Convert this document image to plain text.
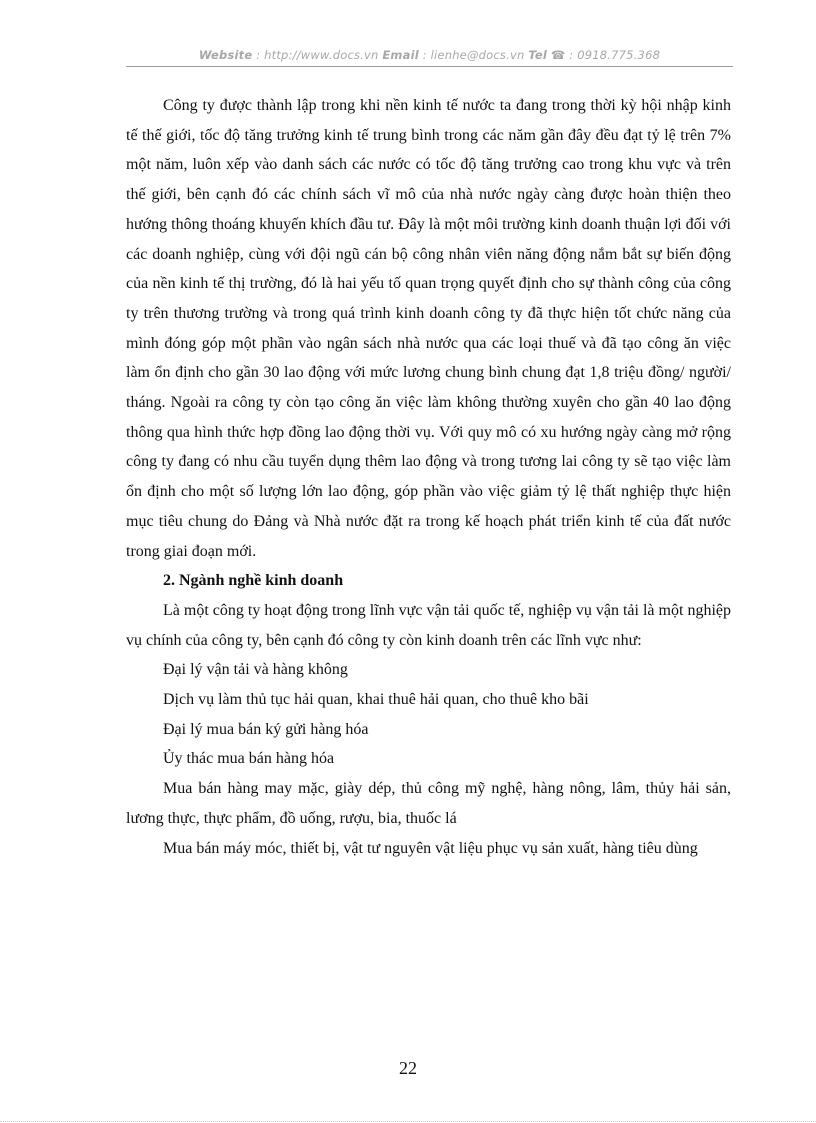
Website : http://www.docs.vn Email : lienhe@docs.vn Tel ☎ : 0918.775.368

Công ty được thành lập trong khi nền kinh tế nước ta đang trong thời kỳ hội nhập kinh tế thế giới, tốc độ tăng trưởng kinh tế trung bình trong các năm gần đây đều đạt tỷ lệ trên 7% một năm, luôn xếp vào danh sách các nước có tốc độ tăng trưởng cao trong khu vực và trên thế giới, bên cạnh đó các chính sách vĩ mô của nhà nước ngày càng được hoàn thiện theo hướng thông thoáng khuyến khích đầu tư. Đây là một môi trường kinh doanh thuận lợi đối với các doanh nghiệp, cùng với đội ngũ cán bộ công nhân viên năng động nắm bắt sự biến động của nền kinh tế thị trường, đó là hai yếu tố quan trọng quyết định cho sự thành công của công ty trên thương trường và trong quá trình kinh doanh công ty đã thực hiện tốt chức năng của mình đóng góp một phần vào ngân sách nhà nước qua các loại thuế và đã tạo công ăn việc làm ổn định cho gần 30 lao động với mức lương chung bình chung đạt 1,8 triệu đồng/ người/ tháng. Ngoài ra công ty còn tạo công ăn việc làm không thường xuyên cho gần 40 lao động thông qua hình thức hợp đồng lao động thời vụ. Với quy mô có xu hướng ngày càng mở rộng công ty đang có nhu cầu tuyển dụng thêm lao động và trong tương lai công ty sẽ tạo việc làm ổn định cho một số lượng lớn lao động, góp phần vào việc giảm tỷ lệ thất nghiệp thực hiện mục tiêu chung do Đảng và Nhà nước đặt ra trong kế hoạch phát triển kinh tế của đất nước trong giai đoạn mới.

2. Ngành nghề kinh doanh

Là một công ty hoạt động trong lĩnh vực vận tải quốc tế, nghiệp vụ vận tải là một nghiệp vụ chính của công ty, bên cạnh đó công ty còn kinh doanh trên các lĩnh vực như:

Đại lý vận tải và hàng không

Dịch vụ làm thủ tục hải quan, khai thuê hải quan, cho thuê kho bãi

Đại lý mua bán ký gửi hàng hóa

Ủy thác mua bán hàng hóa

Mua bán hàng may mặc, giày dép, thủ công mỹ nghệ, hàng nông, lâm, thủy hải sản, lương thực, thực phẩm, đồ uống, rượu, bia, thuốc lá

Mua bán máy móc, thiết bị, vật tư nguyên vật liệu phục vụ sản xuất, hàng tiêu dùng

22
